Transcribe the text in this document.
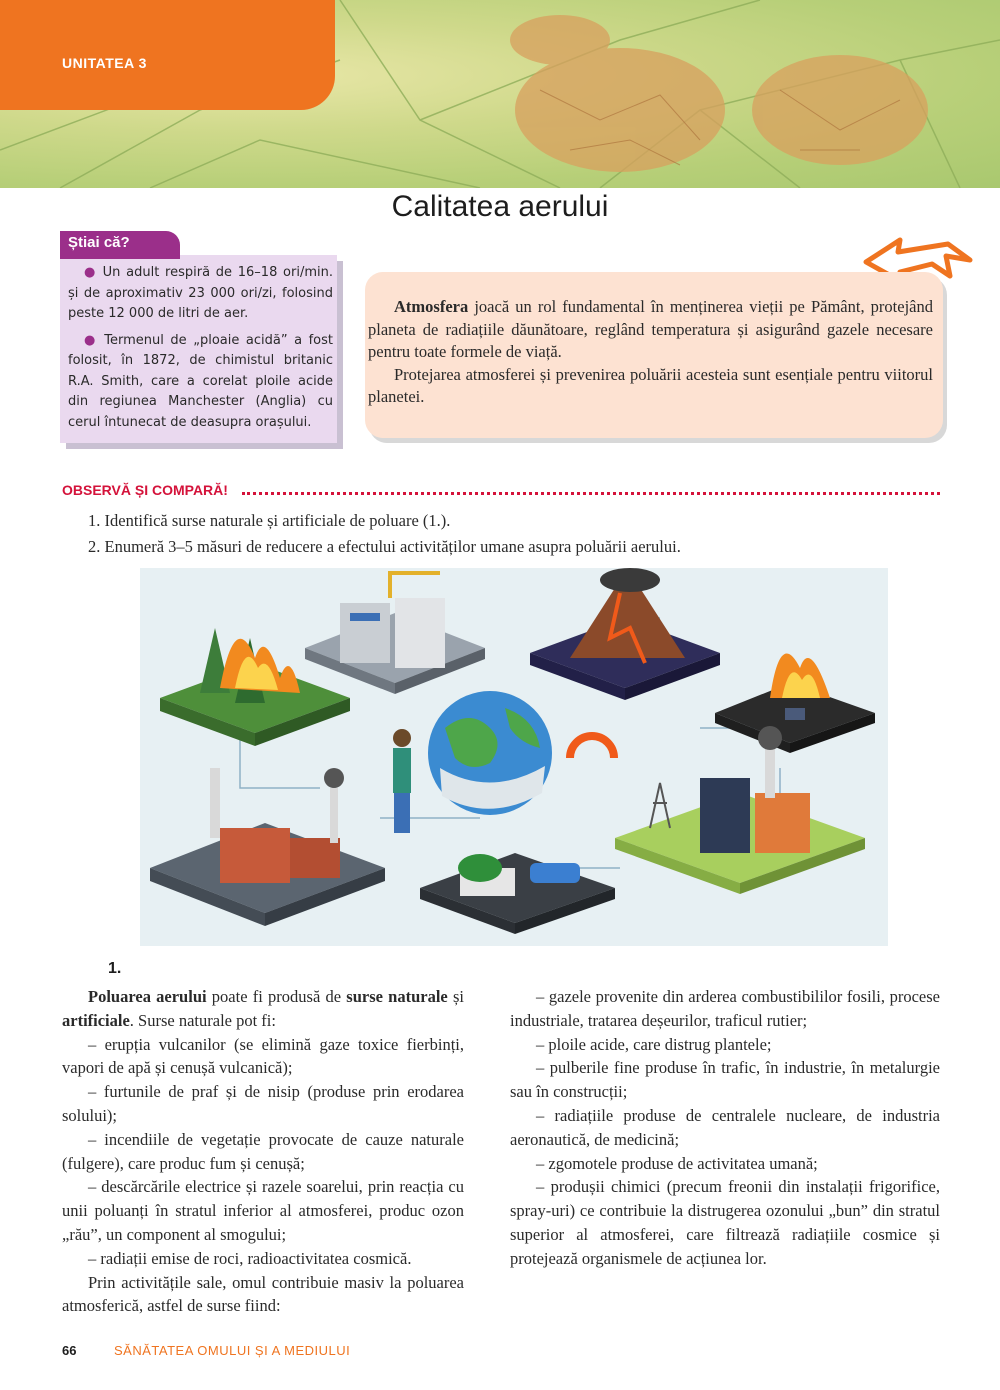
UNITATEA 3
Calitatea aerului
Știai că?

● Un adult respiră de 16–18 ori/min. și de aproximativ 23 000 ori/zi, folosind peste 12 000 de litri de aer.

● Termenul de „ploaie acidă” a fost folosit, în 1872, de chimistul britanic R.A. Smith, care a corelat ploile acide din regiunea Manchester (Anglia) cu cerul întunecat de deasupra orașului.

Atmosfera joacă un rol fundamental în menținerea vieții pe Pământ, protejând planeta de radiațiile dăunătoare, reglând temperatura și asigurând gazele necesare pentru toate formele de viață.

Protejarea atmosferei și prevenirea poluării acesteia sunt esențiale pentru viitorul planetei.

OBSERVĂ ȘI COMPARĂ!
1. Identifică surse naturale și artificiale de poluare (1.).
2. Enumeră 3–5 măsuri de reducere a efectului activităților umane asupra poluării aerului.
1.

Poluarea aerului poate fi produsă de surse naturale și artificiale. Surse naturale pot fi:

– erupția vulcanilor (se elimină gaze toxice fierbinți, vapori de apă și cenușă vulcanică);

– furtunile de praf și de nisip (produse prin erodarea solului);

– incendiile de vegetație provocate de cauze naturale (fulgere), care produc fum și cenușă;

– descărcările electrice și razele soarelui, prin reacția cu unii poluanți în stratul inferior al atmosferei, produc ozon „rău”, un component al smogului;

– radiații emise de roci, radioactivitatea cosmică.

Prin activitățile sale, omul contribuie masiv la poluarea atmosferică, astfel de surse fiind:

– gazele provenite din arderea combustibililor fosili, procese industriale, tratarea deșeurilor, traficul rutier;

– ploile acide, care distrug plantele;

– pulberile fine produse în trafic, în industrie, în metalurgie sau în construcții;

– radiațiile produse de centralele nucleare, de industria aeronautică, de medicină;

– zgomotele produse de activitatea umană;

– produșii chimici (precum freonii din instalații frigorifice, spray-uri) ce contribuie la distrugerea ozonului „bun” din stratul superior al atmosferei, care filtrează radiațiile cosmice și protejează organismele de acțiunea lor.

66	SĂNĂTATEA OMULUI ȘI A MEDIULUI
